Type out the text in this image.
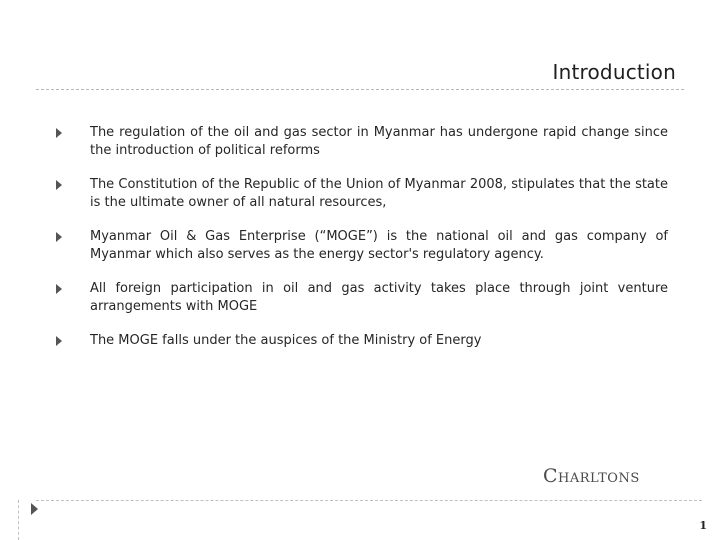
Introduction
The regulation of the oil and gas sector in Myanmar has undergone rapid change since the introduction of political reforms
The Constitution of the Republic of the Union of Myanmar 2008, stipulates that the state is the ultimate owner of all natural resources,
Myanmar Oil & Gas Enterprise (“MOGE”) is the national oil and gas company of Myanmar which also serves as the energy sector's regulatory agency.
All foreign participation in oil and gas activity takes place through joint venture arrangements with MOGE
The MOGE falls under the auspices of the Ministry of Energy
CHARLTONS
1
